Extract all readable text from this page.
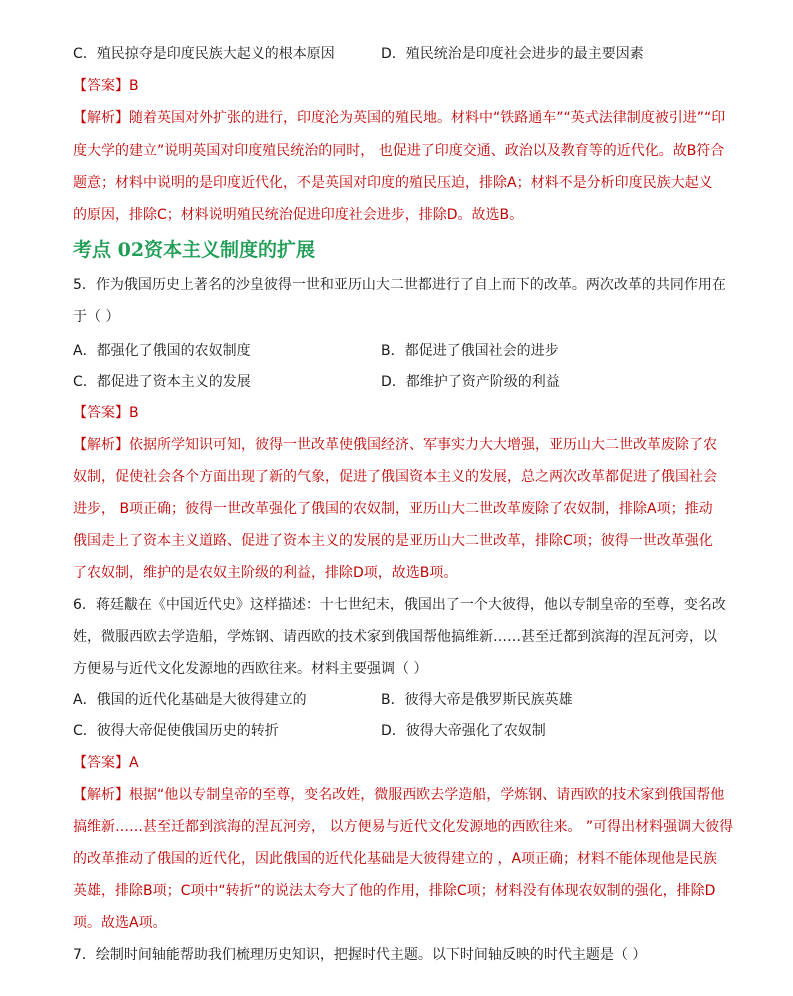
C．殖民掠夺是印度民族大起义的根本原因	D．殖民统治是印度社会进步的最主要因素
【答案】B
【解析】随着英国对外扩张的进行，印度沦为英国的殖民地。材料中“铁路通车”“英式法律制度被引进”“印
度大学的建立”说明英国对印度殖民统治的同时， 也促进了印度交通、政治以及教育等的近代化。故B符合
题意；材料中说明的是印度近代化，不是英国对印度的殖民压迫，排除A；材料不是分析印度民族大起义
的原因，排除C；材料说明殖民统治促进印度社会进步，排除D。故选B。
考点 02资本主义制度的扩展
5．作为俄国历史上著名的沙皇彼得一世和亚历山大二世都进行了自上而下的改革。两次改革的共同作用在
于（ ）
A．都强化了俄国的农奴制度	B．都促进了俄国社会的进步
C．都促进了资本主义的发展	D．都维护了资产阶级的利益
【答案】B
【解析】依据所学知识可知，彼得一世改革使俄国经济、军事实力大大增强，亚历山大二世改革废除了农
奴制，促使社会各个方面出现了新的气象，促进了俄国资本主义的发展，总之两次改革都促进了俄国社会
进步， B项正确；彼得一世改革强化了俄国的农奴制，亚历山大二世改革废除了农奴制，排除A项；推动
俄国走上了资本主义道路、促进了资本主义的发展的是亚历山大二世改革，排除C项；彼得一世改革强化
了农奴制，维护的是农奴主阶级的利益，排除D项，故选B项。
6．蒋廷黻在《中国近代史》这样描述：十七世纪末，俄国出了一个大彼得，他以专制皇帝的至尊，变名改
姓，微服西欧去学造船，学炼钢、请西欧的技术家到俄国帮他搞维新……甚至迁都到滨海的涅瓦河旁，以
方便易与近代文化发源地的西欧往来。材料主要强调（ ）
A．俄国的近代化基础是大彼得建立的	B．彼得大帝是俄罗斯民族英雄
C．彼得大帝促使俄国历史的转折	D．彼得大帝强化了农奴制
【答案】A
【解析】根据“他以专制皇帝的至尊，变名改姓，微服西欧去学造船，学炼钢、请西欧的技术家到俄国帮他
搞维新……甚至迁都到滨海的涅瓦河旁， 以方便易与近代文化发源地的西欧往来。 ”可得出材料强调大彼得
的改革推动了俄国的近代化，因此俄国的近代化基础是大彼得建立的 ，A项正确；材料不能体现他是民族
英雄，排除B项；C项中“转折”的说法太夸大了他的作用，排除C项；材料没有体现农奴制的强化，排除D
项。故选A项。
7．绘制时间轴能帮助我们梳理历史知识，把握时代主题。以下时间轴反映的时代主题是（ ）
